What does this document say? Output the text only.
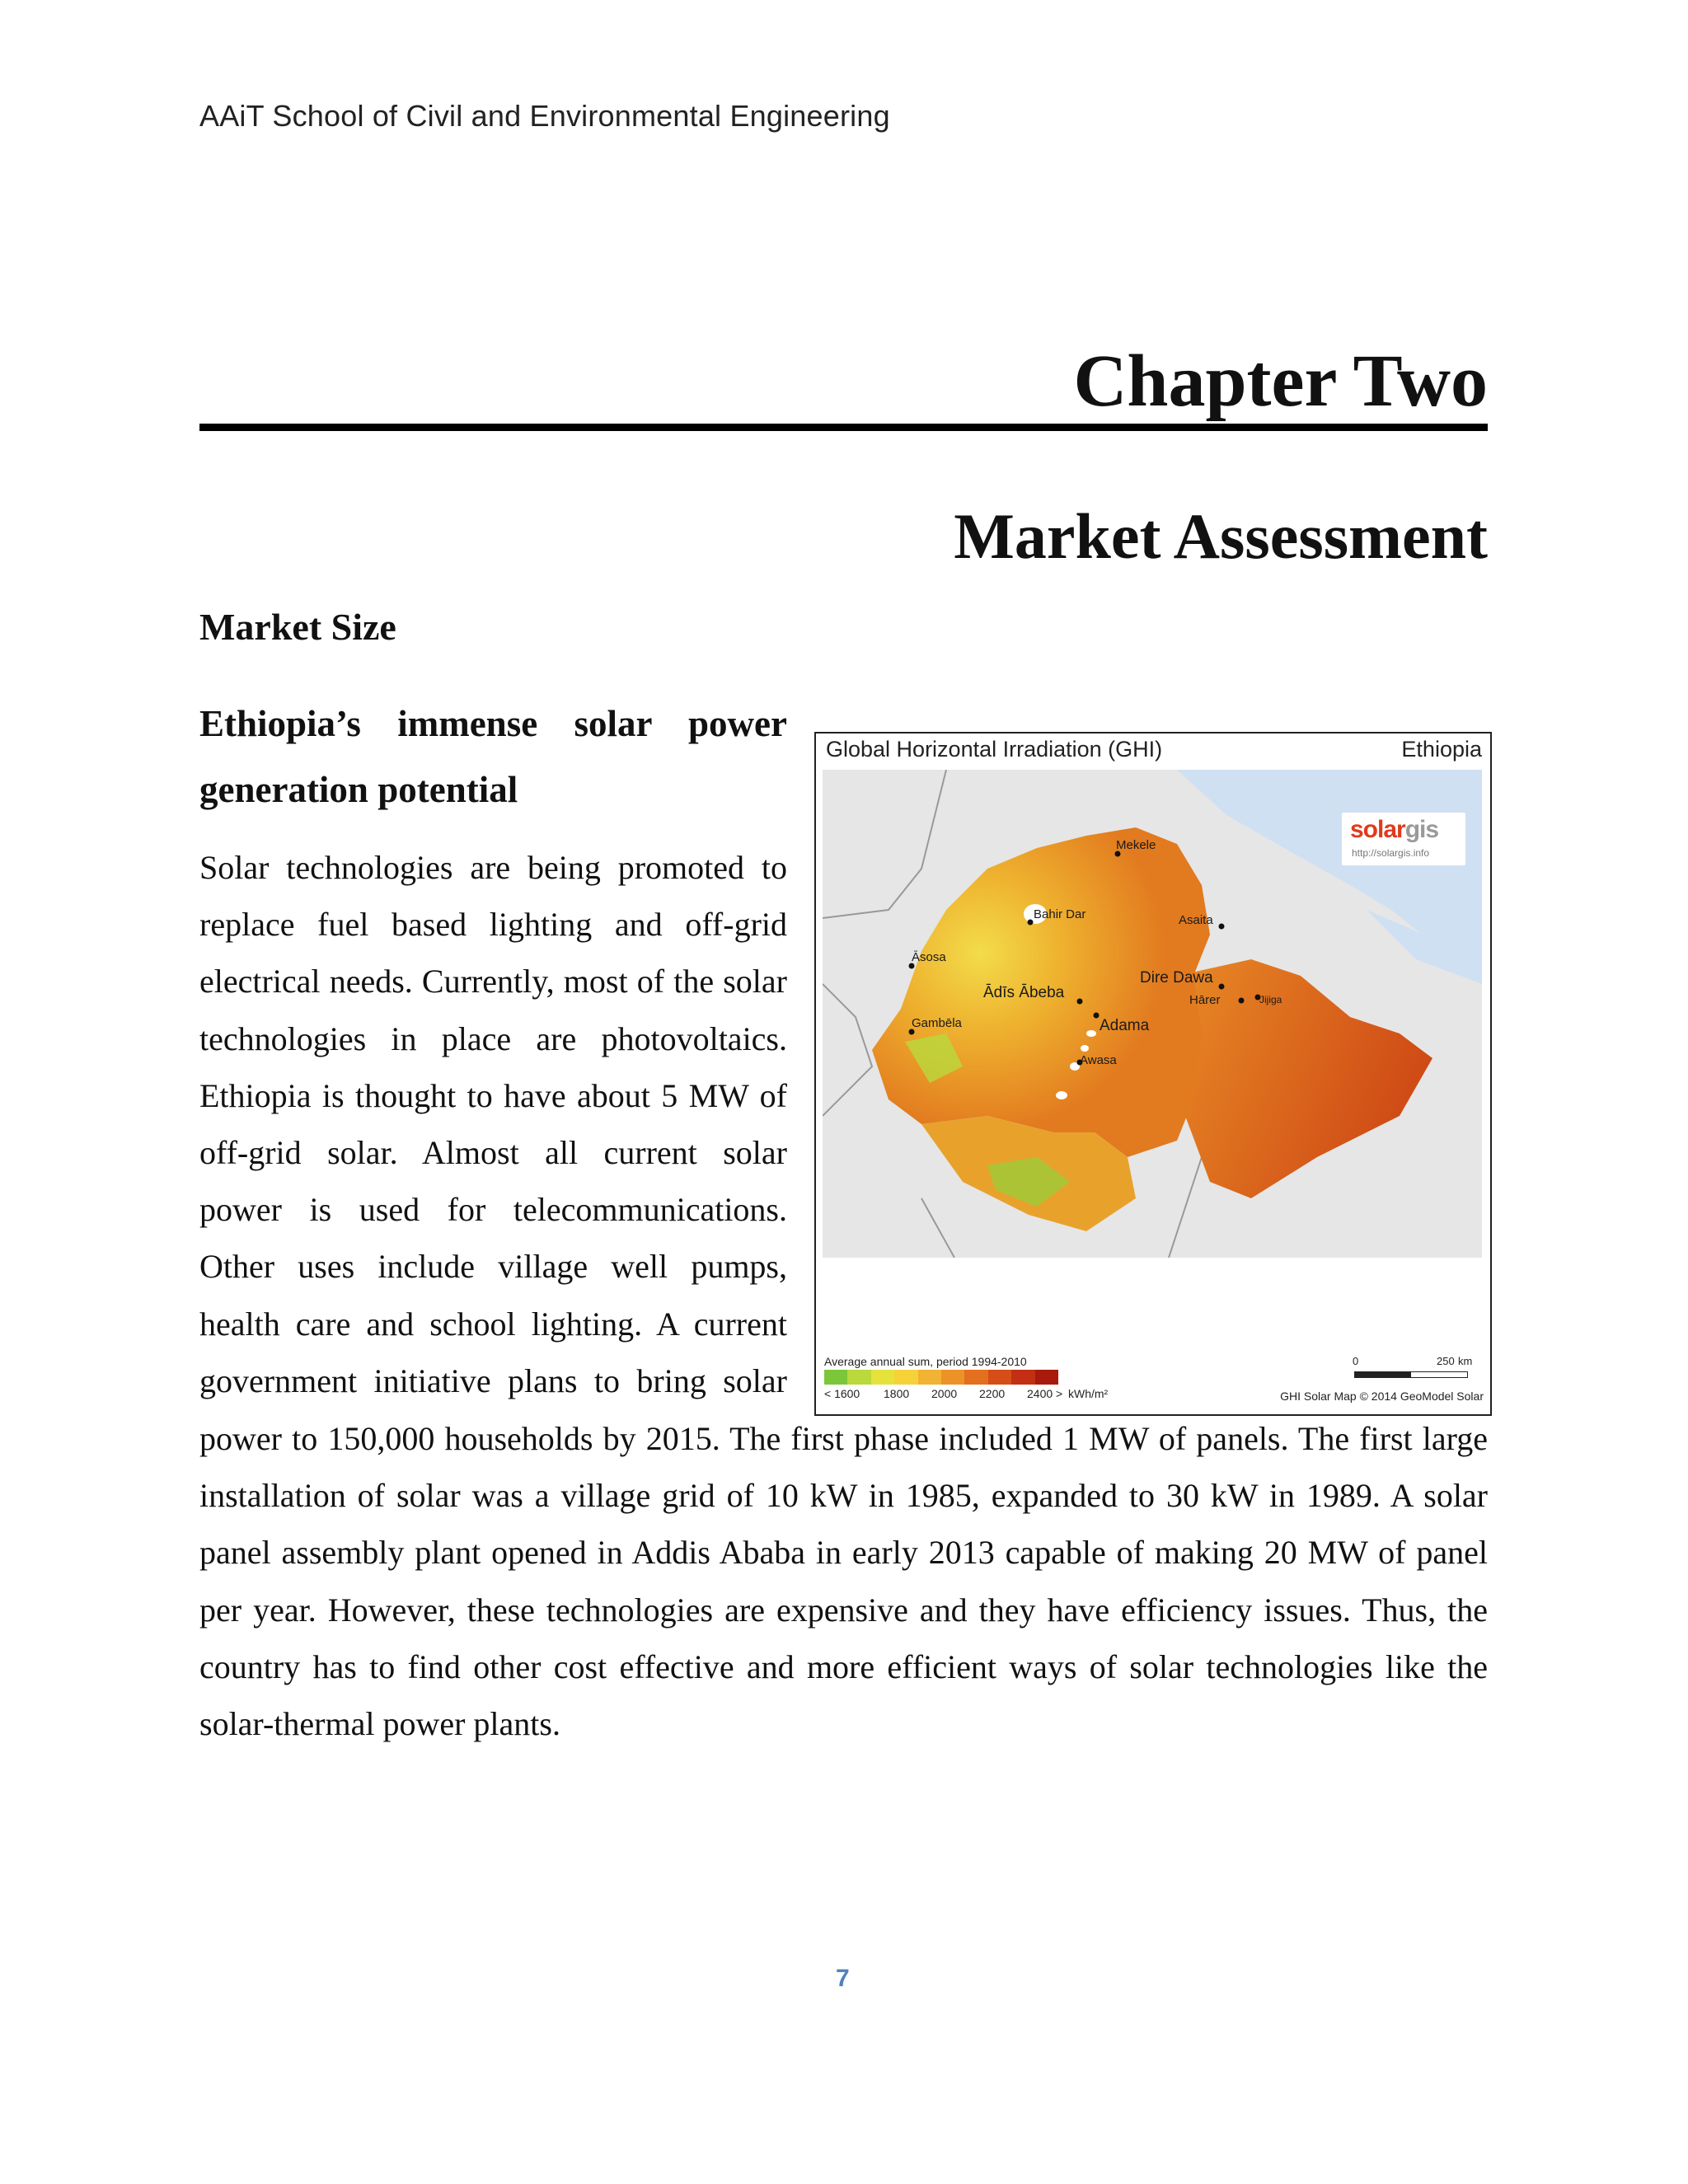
AAiT School of Civil and Environmental Engineering
Chapter Two
Market Assessment
Market Size
Ethiopia’s immense solar power
generation potential
Solar technologies are being promoted to
replace fuel based lighting and off-grid
electrical needs. Currently, most of the solar
technologies in place are photovoltaics.
Ethiopia is thought to have about 5 MW of
off-grid solar. Almost all current solar
power is used for telecommunications.
Other uses include village well pumps,
health care and school lighting. A current
government initiative plans to bring solar
power to 150,000 households by 2015. The first phase included 1 MW of panels. The first large
installation of solar was a village grid of 10 kW in 1985, expanded to 30 kW in 1989. A solar
panel assembly plant opened in Addis Ababa in early 2013 capable of making 20 MW of panel
per year. However, these technologies are expensive and they have efficiency issues. Thus, the
country has to find other cost effective and more efficient ways of solar technologies like the
solar-thermal power plants.
Global Horizontal Irradiation (GHI)	Ethiopia
Mekele
Bahir Dar	Asaita
Āsosa
Dire Dawa
Ādīs Ābeba	Hārer	Jijiga
Gambēla	Adama
Awasa
solargis
http://solargis.info
Average annual sum, period 1994-2010
< 1600 1800 2000 2200 2400 > kWh/m²
0	250 km
GHI Solar Map © 2014 GeoModel Solar
7
